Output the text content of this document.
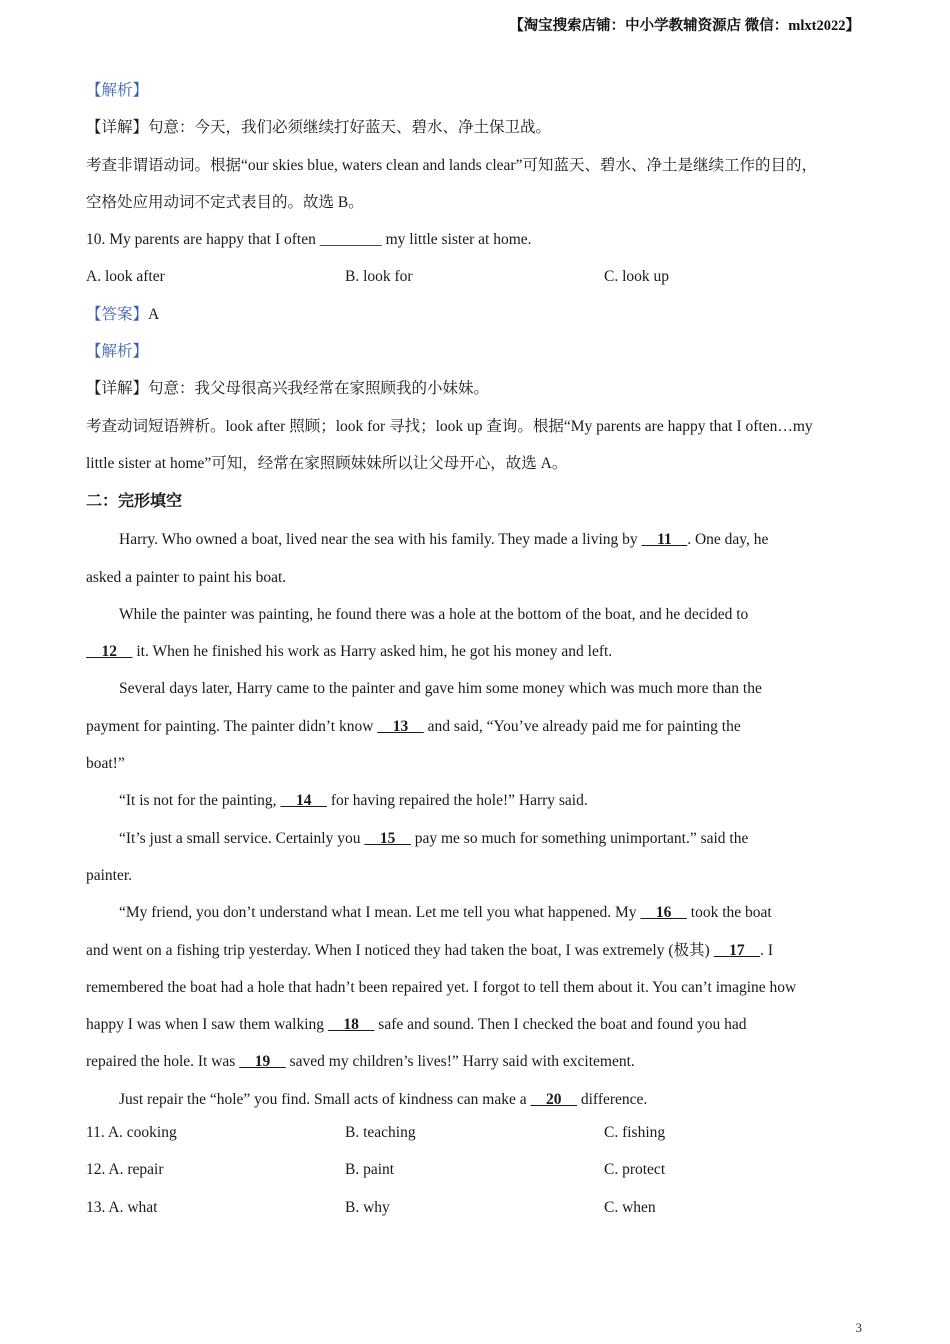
【淘宝搜索店铺：中小学教辅资源店 微信：mlxt2022】
【解析】
【详解】句意：今天，我们必须继续打好蓝天、碧水、净土保卫战。
考查非谓语动词。根据“our skies blue, waters clean and lands clear”可知蓝天、碧水、净土是继续工作的目的，
空格处应用动词不定式表目的。故选 B。
10. My parents are happy that I often ________ my little sister at home.
A. look after	B. look for	C. look up
【答案】A
【解析】
【详解】句意：我父母很高兴我经常在家照顾我的小妹妹。
考查动词短语辨析。look after 照顾；look for 寻找；look up 查询。根据“My parents are happy that I often…my
little sister at home”可知，经常在家照顾妹妹所以让父母开心，故选 A。
二：完形填空
Harry. Who owned a boat, lived near the sea with his family. They made a living by     11    . One day, he
asked a painter to paint his boat.
While the painter was painting, he found there was a hole at the bottom of the boat, and he decided to
12     it. When he finished his work as Harry asked him, he got his money and left.
Several days later, Harry came to the painter and gave him some money which was much more than the
payment for painting. The painter didn’t know     13     and said, “You’ve already paid me for painting the
boat!”
“It is not for the painting,     14     for having repaired the hole!” Harry said.
“It’s just a small service. Certainly you     15     pay me so much for something unimportant.” said the
painter.
“My friend, you don’t understand what I mean. Let me tell you what happened. My     16     took the boat
and went on a fishing trip yesterday. When I noticed they had taken the boat, I was extremely (极其)     17    . I
remembered the boat had a hole that hadn’t been repaired yet. I forgot to tell them about it. You can’t imagine how
happy I was when I saw them walking     18     safe and sound. Then I checked the boat and found you had
repaired the hole. It was     19     saved my children’s lives!” Harry said with excitement.
Just repair the “hole” you find. Small acts of kindness can make a     20     difference.
11. A. cooking	B. teaching	C. fishing
12. A. repair	B. paint	C. protect
13. A. what	B. why	C. when
3
